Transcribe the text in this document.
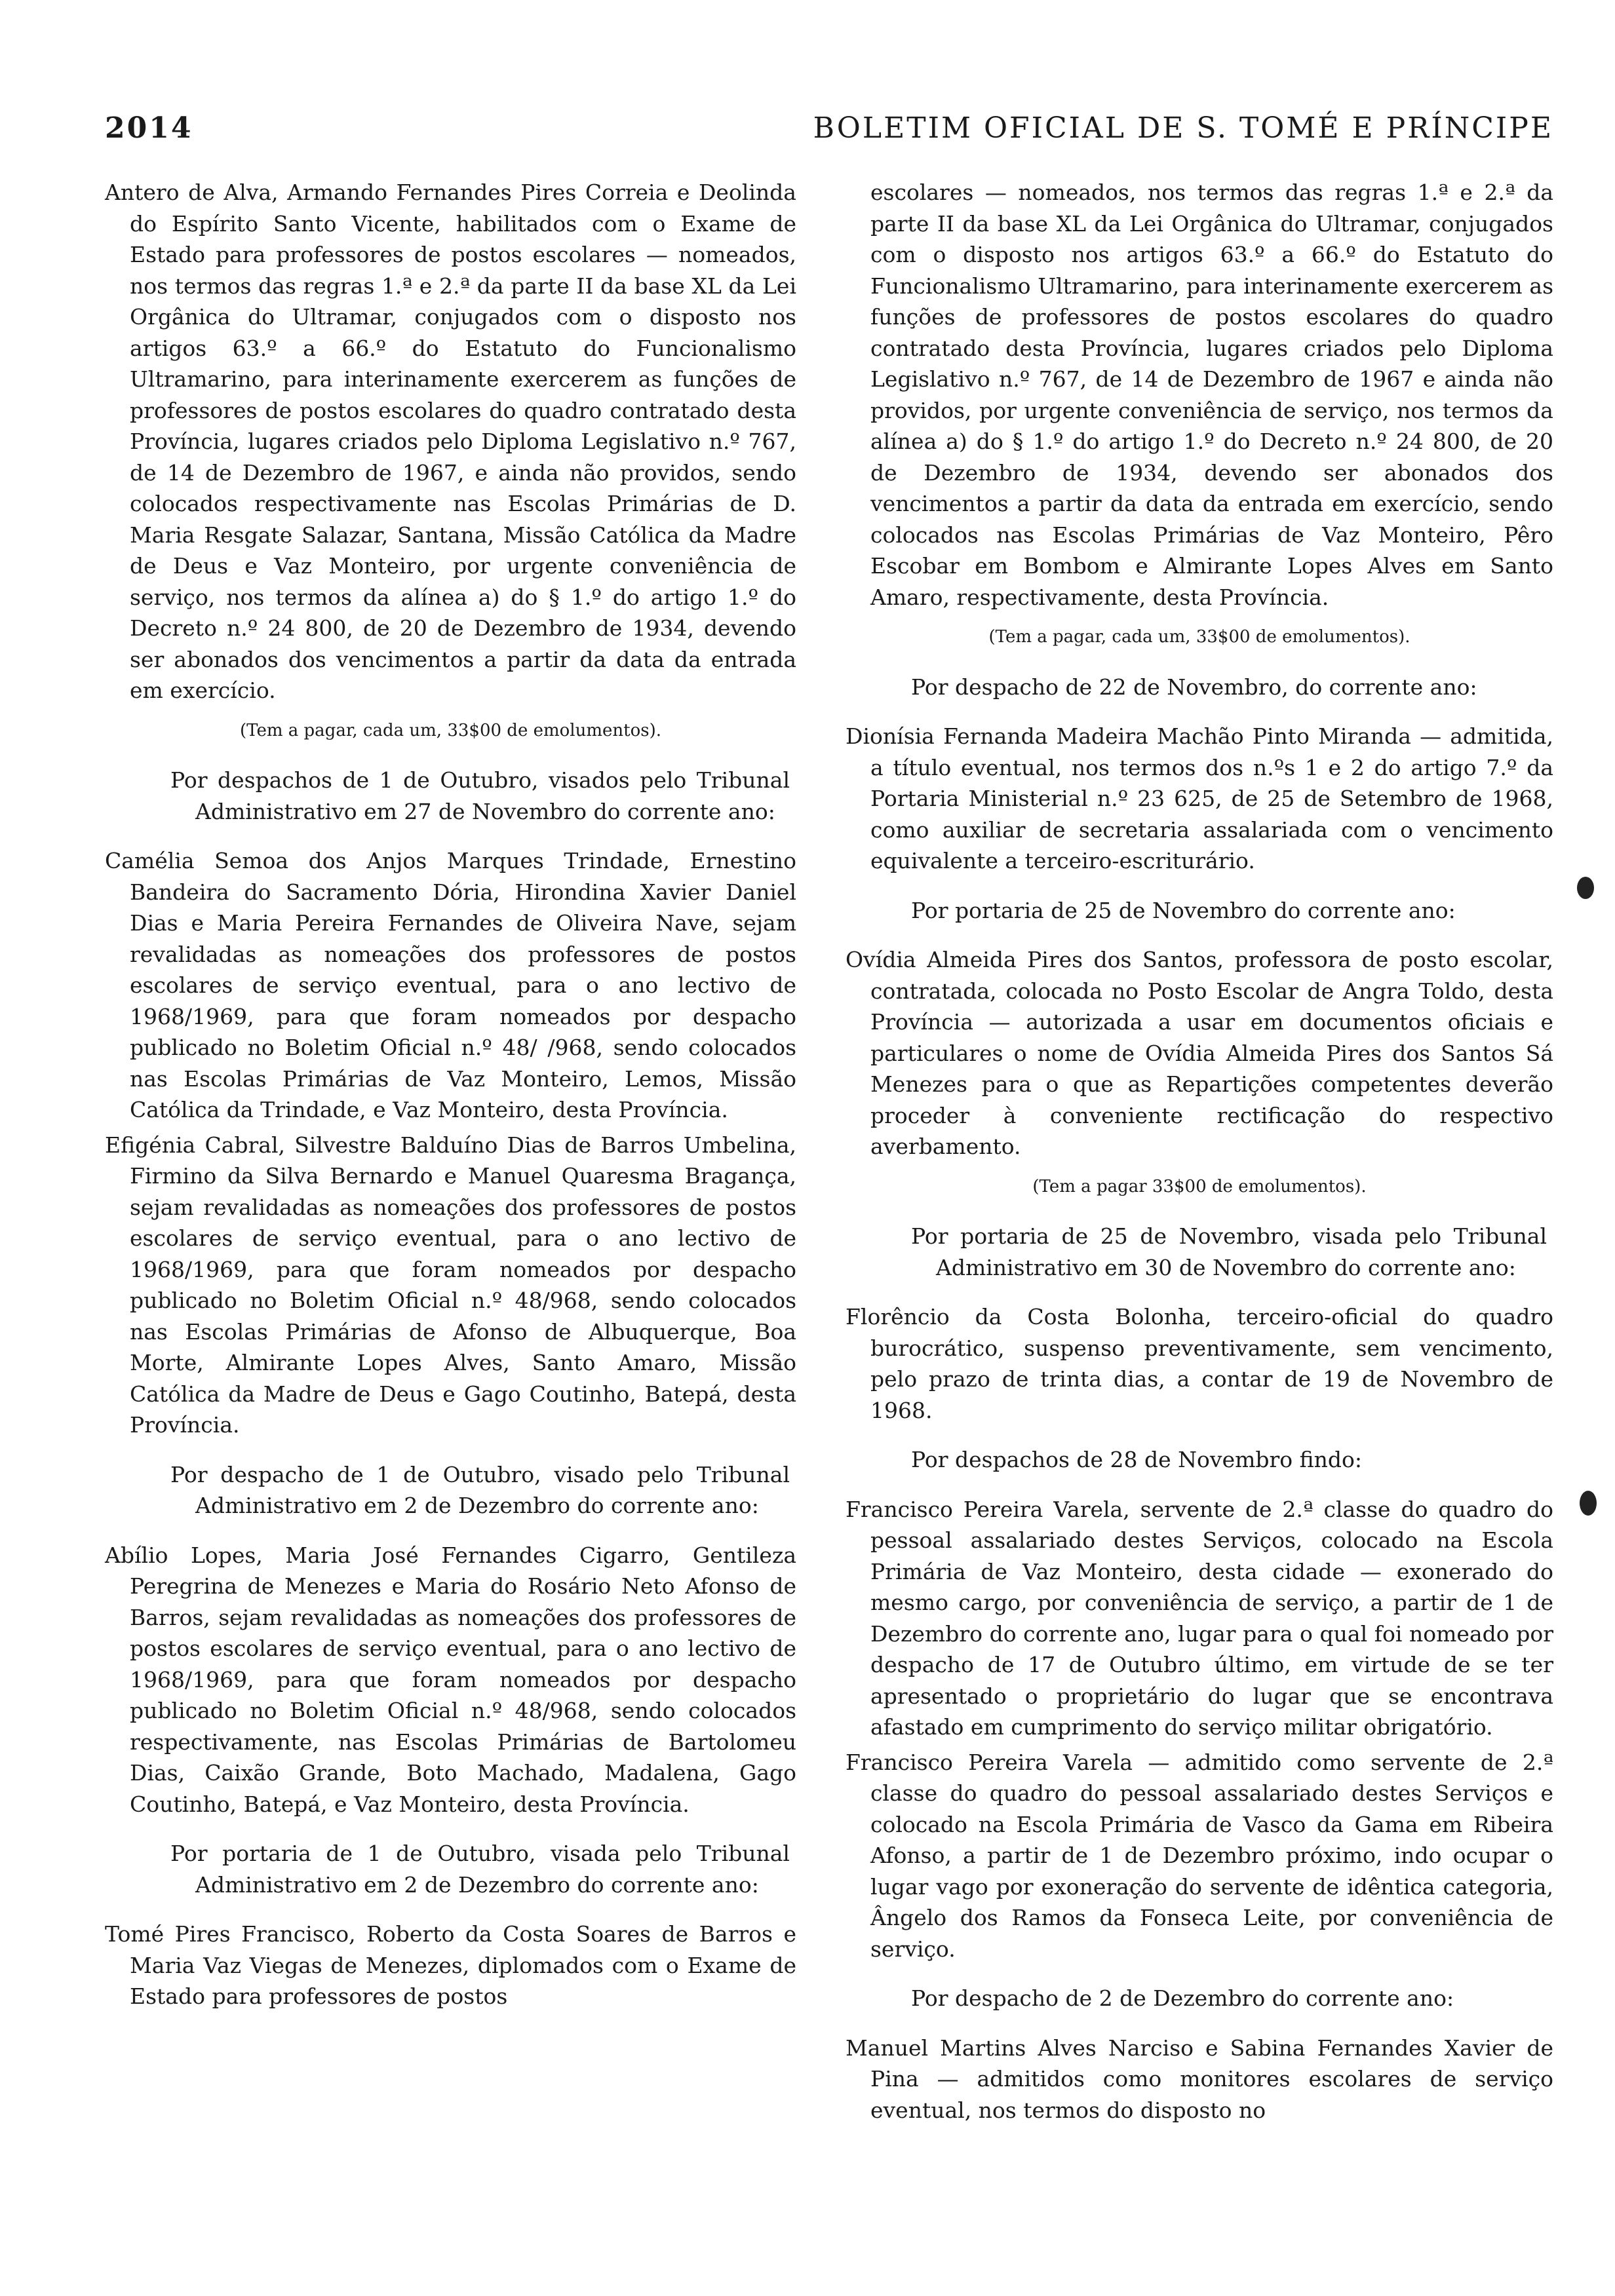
2014	BOLETIM OFICIAL DE S. TOMÉ E PRÍNCIPE

Antero de Alva, Armando Fernandes Pires Correia e Deolinda do Espírito Santo Vicente, habilitados com o Exame de Estado para professores de postos escolares — nomeados, nos termos das regras 1.ª e 2.ª da parte II da base XL da Lei Orgânica do Ultramar, conjugados com o disposto nos artigos 63.º a 66.º do Estatuto do Funcionalismo Ultramarino, para interinamente exercerem as funções de professores de postos escolares do quadro contratado desta Província, lugares criados pelo Diploma Legislativo n.º 767, de 14 de Dezembro de 1967, e ainda não providos, sendo colocados respectivamente nas Escolas Primárias de D. Maria Resgate Salazar, Santana, Missão Católica da Madre de Deus e Vaz Monteiro, por urgente conveniência de serviço, nos termos da alínea a) do § 1.º do artigo 1.º do Decreto n.º 24 800, de 20 de Dezembro de 1934, devendo ser abonados dos vencimentos a partir da data da entrada em exercício.

(Tem a pagar, cada um, 33$00 de emolumentos).

Por despachos de 1 de Outubro, visados pelo Tribunal Administrativo em 27 de Novembro do corrente ano:

Camélia Semoa dos Anjos Marques Trindade, Ernestino Bandeira do Sacramento Dória, Hirondina Xavier Daniel Dias e Maria Pereira Fernandes de Oliveira Nave, sejam revalidadas as nomeações dos professores de postos escolares de serviço eventual, para o ano lectivo de 1968/1969, para que foram nomeados por despacho publicado no Boletim Oficial n.º 48/ /968, sendo colocados nas Escolas Primárias de Vaz Monteiro, Lemos, Missão Católica da Trindade, e Vaz Monteiro, desta Província.

Efigénia Cabral, Silvestre Balduíno Dias de Barros Umbelina, Firmino da Silva Bernardo e Manuel Quaresma Bragança, sejam revalidadas as nomeações dos professores de postos escolares de serviço eventual, para o ano lectivo de 1968/1969, para que foram nomeados por despacho publicado no Boletim Oficial n.º 48/968, sendo colocados nas Escolas Primárias de Afonso de Albuquerque, Boa Morte, Almirante Lopes Alves, Santo Amaro, Missão Católica da Madre de Deus e Gago Coutinho, Batepá, desta Província.

Por despacho de 1 de Outubro, visado pelo Tribunal Administrativo em 2 de Dezembro do corrente ano:

Abílio Lopes, Maria José Fernandes Cigarro, Gentileza Peregrina de Menezes e Maria do Rosário Neto Afonso de Barros, sejam revalidadas as nomeações dos professores de postos escolares de serviço eventual, para o ano lectivo de 1968/1969, para que foram nomeados por despacho publicado no Boletim Oficial n.º 48/968, sendo colocados respectivamente, nas Escolas Primárias de Bartolomeu Dias, Caixão Grande, Boto Machado, Madalena, Gago Coutinho, Batepá, e Vaz Monteiro, desta Província.

Por portaria de 1 de Outubro, visada pelo Tribunal Administrativo em 2 de Dezembro do corrente ano:

Tomé Pires Francisco, Roberto da Costa Soares de Barros e Maria Vaz Viegas de Menezes, diplomados com o Exame de Estado para professores de postos

escolares — nomeados, nos termos das regras 1.ª e 2.ª da parte II da base XL da Lei Orgânica do Ultramar, conjugados com o disposto nos artigos 63.º a 66.º do Estatuto do Funcionalismo Ultramarino, para interinamente exercerem as funções de professores de postos escolares do quadro contratado desta Província, lugares criados pelo Diploma Legislativo n.º 767, de 14 de Dezembro de 1967 e ainda não providos, por urgente conveniência de serviço, nos termos da alínea a) do § 1.º do artigo 1.º do Decreto n.º 24 800, de 20 de Dezembro de 1934, devendo ser abonados dos vencimentos a partir da data da entrada em exercício, sendo colocados nas Escolas Primárias de Vaz Monteiro, Pêro Escobar em Bombom e Almirante Lopes Alves em Santo Amaro, respectivamente, desta Província.

(Tem a pagar, cada um, 33$00 de emolumentos).

Por despacho de 22 de Novembro, do corrente ano:

Dionísia Fernanda Madeira Machão Pinto Miranda — admitida, a título eventual, nos termos dos n.ºs 1 e 2 do artigo 7.º da Portaria Ministerial n.º 23 625, de 25 de Setembro de 1968, como auxiliar de secretaria assalariada com o vencimento equivalente a terceiro-escriturário.

Por portaria de 25 de Novembro do corrente ano:

Ovídia Almeida Pires dos Santos, professora de posto escolar, contratada, colocada no Posto Escolar de Angra Toldo, desta Província — autorizada a usar em documentos oficiais e particulares o nome de Ovídia Almeida Pires dos Santos Sá Menezes para o que as Repartições competentes deverão proceder à conveniente rectificação do respectivo averbamento.

(Tem a pagar 33$00 de emolumentos).

Por portaria de 25 de Novembro, visada pelo Tribunal Administrativo em 30 de Novembro do corrente ano:

Florêncio da Costa Bolonha, terceiro-oficial do quadro burocrático, suspenso preventivamente, sem vencimento, pelo prazo de trinta dias, a contar de 19 de Novembro de 1968.

Por despachos de 28 de Novembro findo:

Francisco Pereira Varela, servente de 2.ª classe do quadro do pessoal assalariado destes Serviços, colocado na Escola Primária de Vaz Monteiro, desta cidade — exonerado do mesmo cargo, por conveniência de serviço, a partir de 1 de Dezembro do corrente ano, lugar para o qual foi nomeado por despacho de 17 de Outubro último, em virtude de se ter apresentado o proprietário do lugar que se encontrava afastado em cumprimento do serviço militar obrigatório.

Francisco Pereira Varela — admitido como servente de 2.ª classe do quadro do pessoal assalariado destes Serviços e colocado na Escola Primária de Vasco da Gama em Ribeira Afonso, a partir de 1 de Dezembro próximo, indo ocupar o lugar vago por exoneração do servente de idêntica categoria, Ângelo dos Ramos da Fonseca Leite, por conveniência de serviço.

Por despacho de 2 de Dezembro do corrente ano:

Manuel Martins Alves Narciso e Sabina Fernandes Xavier de Pina — admitidos como monitores escolares de serviço eventual, nos termos do disposto no
